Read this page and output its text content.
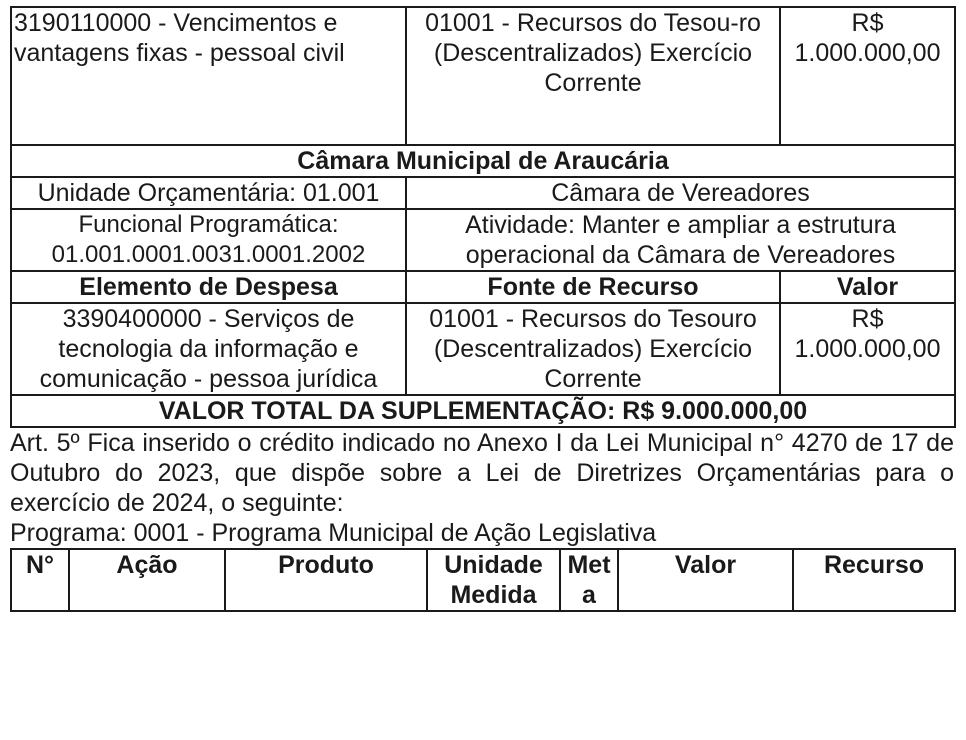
3190110000 - Vencimentos e vantagens fixas - pessoal civil	01001 - Recursos do Tesou-ro (Descentralizados) Exercício Corrente	R$ 1.000.000,00
Câmara Municipal de Araucária		
Unidade Orçamentária: 01.001	Câmara de Vereadores	
Funcional Programática: 01.001.0001.0031.0001.2002	Atividade: Manter e ampliar a estrutura operacional da Câmara de Vereadores	
Elemento de Despesa	Fonte de Recurso	Valor
3390400000 - Serviços de tecnologia da informação e comunicação - pessoa jurídica	01001 - Recursos do Tesouro (Descentralizados) Exercício Corrente	R$ 1.000.000,00
VALOR TOTAL DA SUPLEMENTAÇÃO: R$ 9.000.000,00		

Art. 5º Fica inserido o crédito indicado no Anexo I da Lei Municipal n° 4270 de 17 de Outubro do 2023, que dispõe sobre a Lei de Diretrizes Orçamentárias para o exercício de 2024, o seguinte:

Programa: 0001 - Programa Municipal de Ação Legislativa

N°	Ação	Produto	Unidade Medida	Met a	Valor	Recurso
